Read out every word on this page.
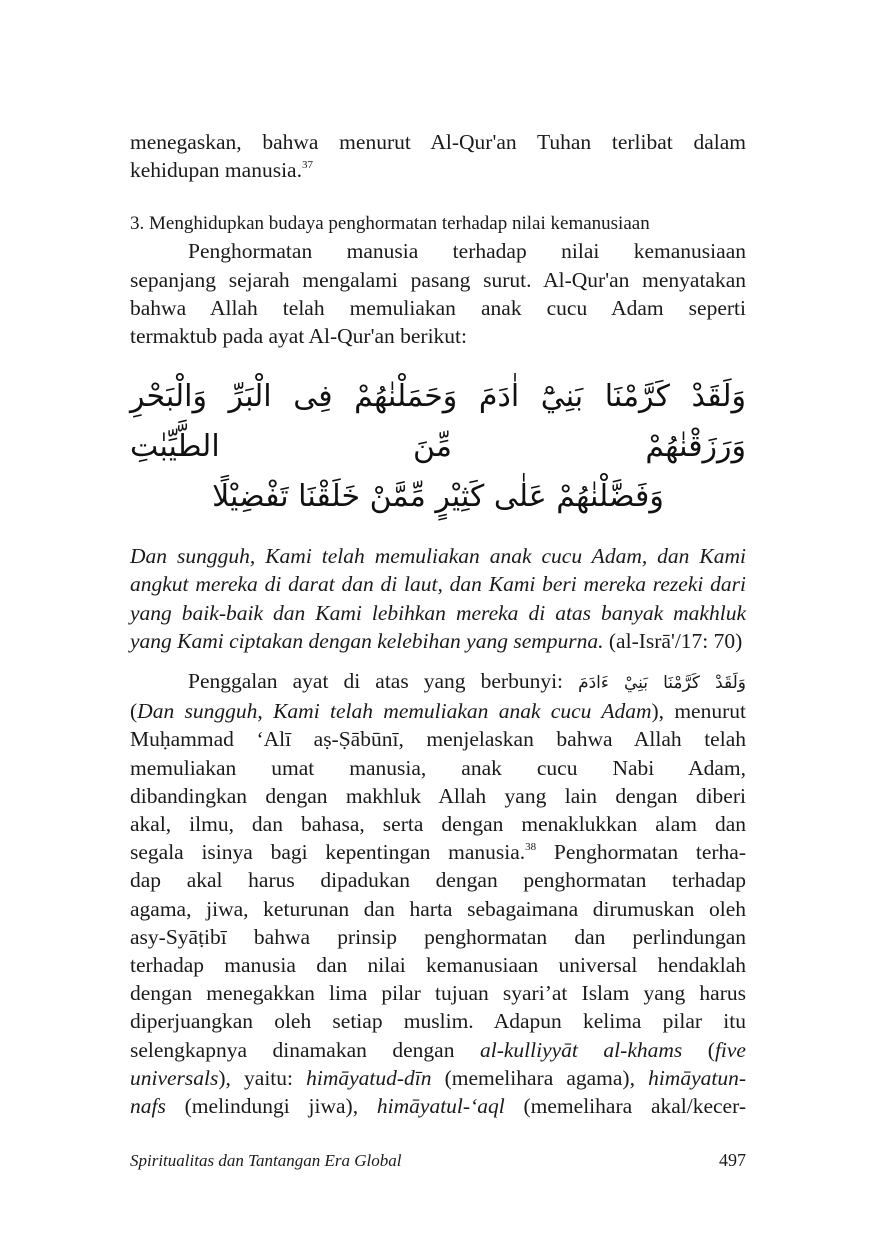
menegaskan, bahwa menurut Al-Qur'an Tuhan terlibat dalam
kehidupan manusia.$^{37}$

3. Menghidupkan budaya penghormatan terhadap nilai kemanusiaan

Penghormatan manusia terhadap nilai kemanusiaan
sepanjang sejarah mengalami pasang surut. Al-Qur'an menyatakan
bahwa Allah telah memuliakan anak cucu Adam seperti
termaktub pada ayat Al-Qur'an berikut:
وَلَقَدْ كَرَّمْنَا بَنِيْٓ اٰدَمَ وَحَمَلْنٰهُمْ فِى الْبَرِّ وَالْبَحْرِ وَرَزَقْنٰهُمْ مِّنَ الطَّيِّبٰتِ
وَفَضَّلْنٰهُمْ عَلٰى كَثِيْرٍ مِّمَّنْ خَلَقْنَا تَفْضِيْلًا
Dan sungguh, Kami telah memuliakan anak cucu Adam, dan Kami
angkut mereka di darat dan di laut, dan Kami beri mereka rezeki dari
yang baik-baik dan Kami lebihkan mereka di atas banyak makhluk
yang Kami ciptakan dengan kelebihan yang sempurna. (al-Isrā'/17: 70)
Penggalan ayat di atas yang berbunyi: وَلَقَدْ كَرَّمْنَا بَنِيْ ءَادَمَ
(Dan sungguh, Kami telah memuliakan anak cucu Adam), menurut
Muḥammad ‘Alī aṣ-Ṣābūnī, menjelaskan bahwa Allah telah
memuliakan umat manusia, anak cucu Nabi Adam,
dibandingkan dengan makhluk Allah yang lain dengan diberi
akal, ilmu, dan bahasa, serta dengan menaklukkan alam dan
segala isinya bagi kepentingan manusia.$^{38}$ Penghormatan terha-
dap akal harus dipadukan dengan penghormatan terhadap
agama, jiwa, keturunan dan harta sebagaimana dirumuskan oleh
asy-Syāṭibī bahwa prinsip penghormatan dan perlindungan
terhadap manusia dan nilai kemanusiaan universal hendaklah
dengan menegakkan lima pilar tujuan syari’at Islam yang harus
diperjuangkan oleh setiap muslim. Adapun kelima pilar itu
selengkapnya dinamakan dengan al-kulliyyāt al-khams (five
universals), yaitu: himāyatud-dīn (memelihara agama), himāyatun-
nafs (melindungi jiwa), himāyatul-‘aql (memelihara akal/kecer-
Spiritualitas dan Tantangan Era Global	497
